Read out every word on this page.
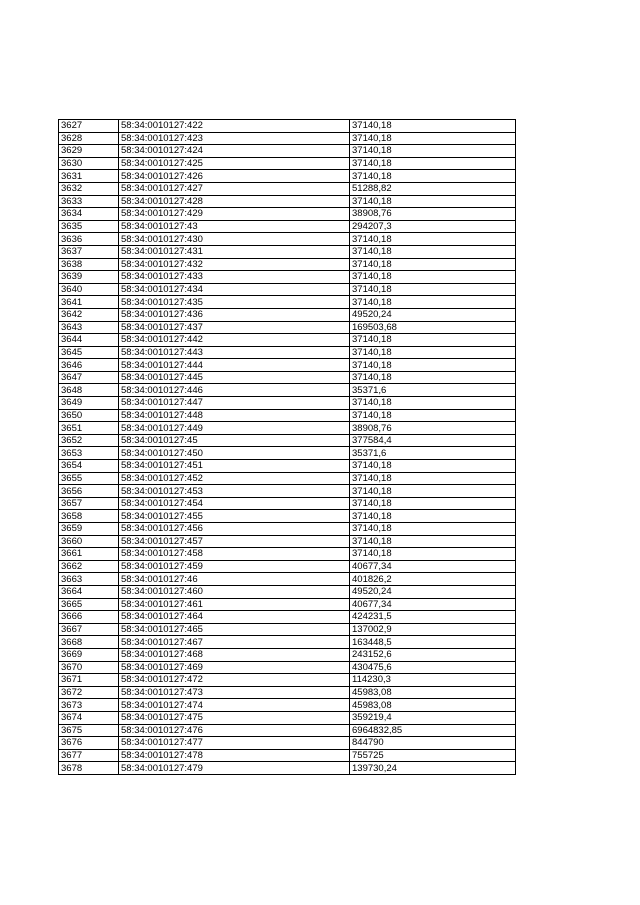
3627	58:34:0010127:422	37140,18
3628	58:34:0010127:423	37140,18
3629	58:34:0010127:424	37140,18
3630	58:34:0010127:425	37140,18
3631	58:34:0010127:426	37140,18
3632	58:34:0010127:427	51288,82
3633	58:34:0010127:428	37140,18
3634	58:34:0010127:429	38908,76
3635	58:34:0010127:43	294207,3
3636	58:34:0010127:430	37140,18
3637	58:34:0010127:431	37140,18
3638	58:34:0010127:432	37140,18
3639	58:34:0010127:433	37140,18
3640	58:34:0010127:434	37140,18
3641	58:34:0010127:435	37140,18
3642	58:34:0010127:436	49520,24
3643	58:34:0010127:437	169503,68
3644	58:34:0010127:442	37140,18
3645	58:34:0010127:443	37140,18
3646	58:34:0010127:444	37140,18
3647	58:34:0010127:445	37140,18
3648	58:34:0010127:446	35371,6
3649	58:34:0010127:447	37140,18
3650	58:34:0010127:448	37140,18
3651	58:34:0010127:449	38908,76
3652	58:34:0010127:45	377584,4
3653	58:34:0010127:450	35371,6
3654	58:34:0010127:451	37140,18
3655	58:34:0010127:452	37140,18
3656	58:34:0010127:453	37140,18
3657	58:34:0010127:454	37140,18
3658	58:34:0010127:455	37140,18
3659	58:34:0010127:456	37140,18
3660	58:34:0010127:457	37140,18
3661	58:34:0010127:458	37140,18
3662	58:34:0010127:459	40677,34
3663	58:34:0010127:46	401826,2
3664	58:34:0010127:460	49520,24
3665	58:34:0010127:461	40677,34
3666	58:34:0010127:464	424231,5
3667	58:34:0010127:465	137002,9
3668	58:34:0010127:467	163448,5
3669	58:34:0010127:468	243152,6
3670	58:34:0010127:469	430475,6
3671	58:34:0010127:472	114230,3
3672	58:34:0010127:473	45983,08
3673	58:34:0010127:474	45983,08
3674	58:34:0010127:475	359219,4
3675	58:34:0010127:476	6964832,85
3676	58:34:0010127:477	844790
3677	58:34:0010127:478	755725
3678	58:34:0010127:479	139730,24
